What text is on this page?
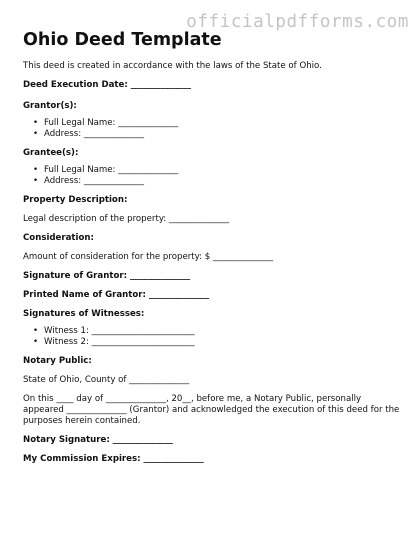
officialpdfforms.com
Ohio Deed Template
This deed is created in accordance with the laws of the State of Ohio.
Deed Execution Date: ______________
Grantor(s):
• Full Legal Name: ______________
• Address: ______________
Grantee(s):
• Full Legal Name: ______________
• Address: ______________
Property Description:
Legal description of the property: ______________
Consideration:
Amount of consideration for the property: $ ______________
Signature of Grantor: ______________
Printed Name of Grantor: ______________
Signatures of Witnesses:
• Witness 1: ________________________
• Witness 2: ________________________
Notary Public:
State of Ohio, County of ______________
On this ____ day of ______________, 20__, before me, a Notary Public, personally appeared ______________ (Grantor) and acknowledged the execution of this deed for the purposes herein contained.
Notary Signature: ______________
My Commission Expires: ______________
